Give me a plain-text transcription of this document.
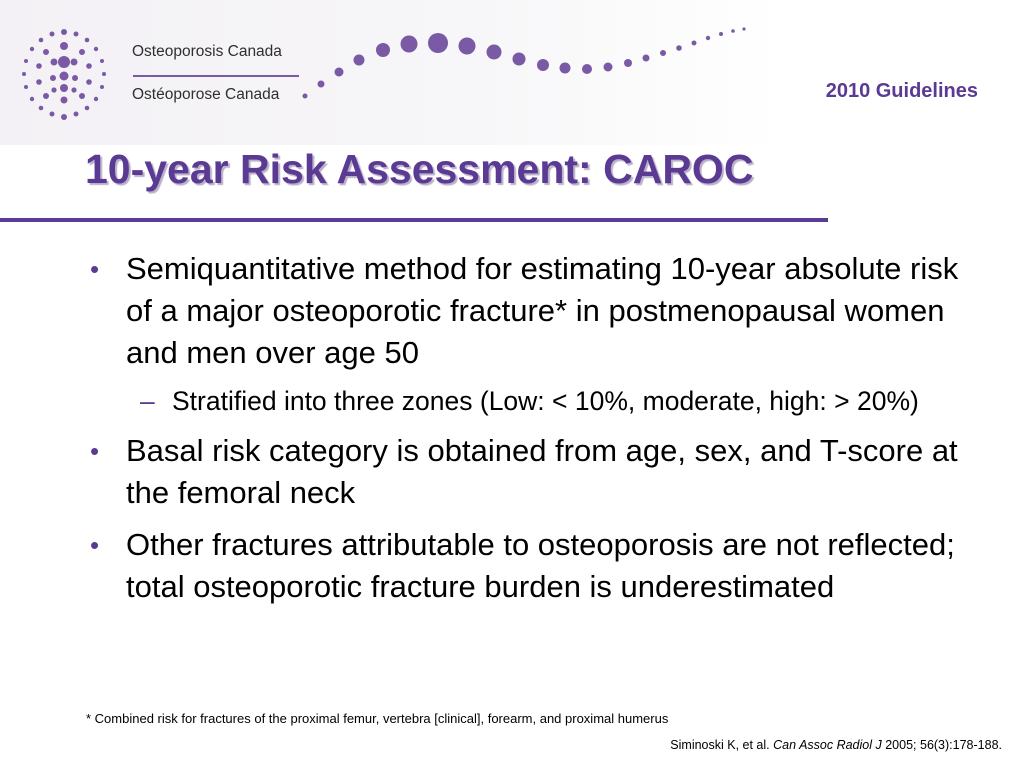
Osteoporosis Canada
Ostéoporose Canada	2010 Guidelines
10-year Risk Assessment: CAROC
• Semiquantitative method for estimating 10-year absolute risk of a major osteoporotic fracture* in postmenopausal women and men over age 50
– Stratified into three zones (Low: < 10%, moderate, high: > 20%)
• Basal risk category is obtained from age, sex, and T-score at the femoral neck
• Other fractures attributable to osteoporosis are not reflected; total osteoporotic fracture burden is underestimated
* Combined risk for fractures of the proximal femur, vertebra [clinical], forearm, and proximal humerus
Siminoski K, et al. Can Assoc Radiol J 2005; 56(3):178-188.
